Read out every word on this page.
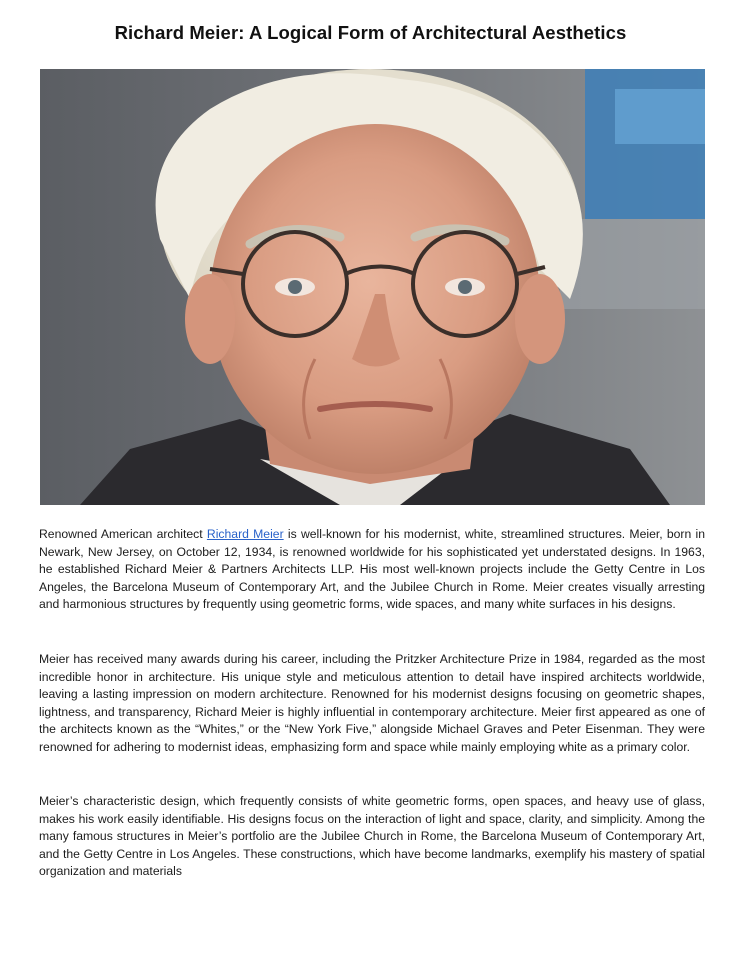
Richard Meier: A Logical Form of Architectural Aesthetics
Renowned American architect Richard Meier is well-known for his modernist, white, streamlined structures. Meier, born in Newark, New Jersey, on October 12, 1934, is renowned worldwide for his sophisticated yet understated designs. In 1963, he established Richard Meier & Partners Architects LLP. His most well-known projects include the Getty Centre in Los Angeles, the Barcelona Museum of Contemporary Art, and the Jubilee Church in Rome. Meier creates visually arresting and harmonious structures by frequently using geometric forms, wide spaces, and many white surfaces in his designs.
Meier has received many awards during his career, including the Pritzker Architecture Prize in 1984, regarded as the most incredible honor in architecture. His unique style and meticulous attention to detail have inspired architects worldwide, leaving a lasting impression on modern architecture. Renowned for his modernist designs focusing on geometric shapes, lightness, and transparency, Richard Meier is highly influential in contemporary architecture. Meier first appeared as one of the architects known as the “Whites,” or the “New York Five,” alongside Michael Graves and Peter Eisenman. They were renowned for adhering to modernist ideas, emphasizing form and space while mainly employing white as a primary color.
Meier’s characteristic design, which frequently consists of white geometric forms, open spaces, and heavy use of glass, makes his work easily identifiable. His designs focus on the interaction of light and space, clarity, and simplicity. Among the many famous structures in Meier’s portfolio are the Jubilee Church in Rome, the Barcelona Museum of Contemporary Art, and the Getty Centre in Los Angeles. These constructions, which have become landmarks, exemplify his mastery of spatial organization and materials
